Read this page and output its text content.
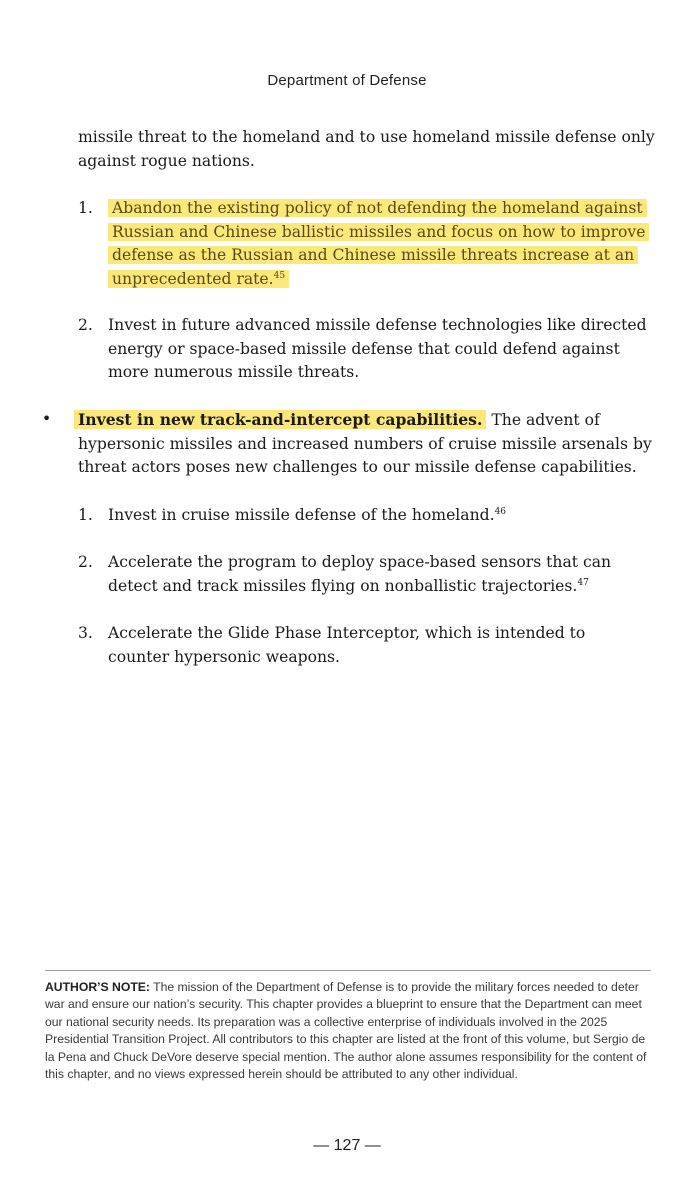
Department of Defense
missile threat to the homeland and to use homeland missile defense only against rogue nations.
1.	Abandon the existing policy of not defending the homeland against Russian and Chinese ballistic missiles and focus on how to improve defense as the Russian and Chinese missile threats increase at an unprecedented rate.$^{45}$
2. Invest in future advanced missile defense technologies like directed energy or space-based missile defense that could defend against more numerous missile threats.
• Invest in new track-and-intercept capabilities. The advent of hypersonic missiles and increased numbers of cruise missile arsenals by threat actors poses new challenges to our missile defense capabilities.
1. Invest in cruise missile defense of the homeland.$^{46}$
2. Accelerate the program to deploy space-based sensors that can detect and track missiles flying on nonballistic trajectories.$^{47}$
3. Accelerate the Glide Phase Interceptor, which is intended to counter hypersonic weapons.
AUTHOR’S NOTE: The mission of the Department of Defense is to provide the military forces needed to deter war and ensure our nation’s security. This chapter provides a blueprint to ensure that the Department can meet our national security needs. Its preparation was a collective enterprise of individuals involved in the 2025 Presidential Transition Project. All contributors to this chapter are listed at the front of this volume, but Sergio de la Pena and Chuck DeVore deserve special mention. The author alone assumes responsibility for the content of this chapter, and no views expressed herein should be attributed to any other individual.
— 127 —
